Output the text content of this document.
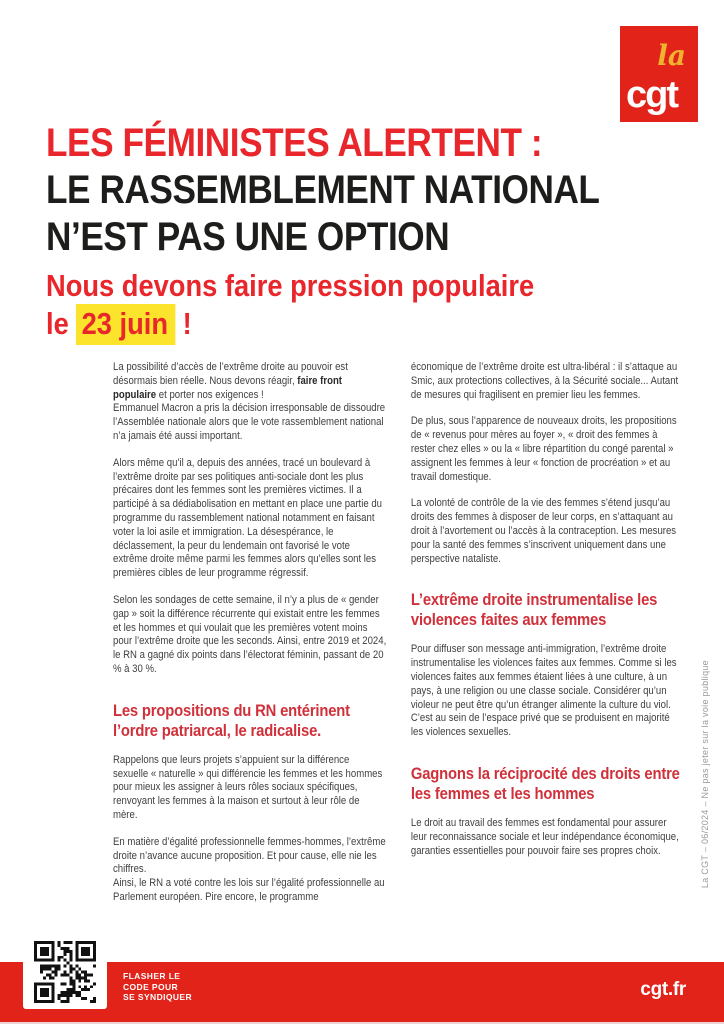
la
cgt
LES FÉMINISTES ALERTENT :
LE RASSEMBLEMENT NATIONAL
N’EST PAS UNE OPTION
Nous devons faire pression populaire
le 23 juin !

La possibilité d’accès de l’extrême droite au pouvoir est désormais bien réelle. Nous devons réagir, faire front populaire et porter nos exigences !
Emmanuel Macron a pris la décision irresponsable de dissoudre l’Assemblée nationale alors que le vote rassemblement national n’a jamais été aussi important.

Alors même qu’il a, depuis des années, tracé un boulevard à l’extrême droite par ses politiques anti-sociale dont les plus précaires dont les femmes sont les premières victimes. Il a participé à sa dédiabolisation en mettant en place une partie du programme du rassemblement national notamment en faisant voter la loi asile et immigration. La désespérance, le déclassement, la peur du lendemain ont favorisé le vote extrême droite même parmi les femmes alors qu’elles sont les premières cibles de leur programme régressif.

Selon les sondages de cette semaine, il n’y a plus de « gender gap » soit la différence récurrente qui existait entre les femmes et les hommes et qui voulait que les premières votent moins pour l’extrême droite que les seconds. Ainsi, entre 2019 et 2024, le RN a gagné dix points dans l’électorat féminin, passant de 20 % à 30 %.

Les propositions du RN entérinent l’ordre patriarcal, le radicalise.

Rappelons que leurs projets s’appuient sur la différence sexuelle « naturelle » qui différencie les femmes et les hommes pour mieux les assigner à leurs rôles sociaux spécifiques, renvoyant les femmes à la maison et surtout à leur rôle de mère.

En matière d’égalité professionnelle femmes-hommes, l’extrême droite n’avance aucune proposition. Et pour cause, elle nie les chiffres.
Ainsi, le RN a voté contre les lois sur l’égalité professionnelle au Parlement européen. Pire encore, le programme

économique de l’extrême droite est ultra-libéral : il s’attaque au Smic, aux protections collectives, à la Sécurité sociale... Autant de mesures qui fragilisent en premier lieu les femmes.

De plus, sous l’apparence de nouveaux droits, les propositions de « revenus pour mères au foyer », « droit des femmes à rester chez elles » ou la « libre répartition du congé parental » assignent les femmes à leur « fonction de procréation » et au travail domestique.

La volonté de contrôle de la vie des femmes s’étend jusqu’au droits des femmes à disposer de leur corps, en s’attaquant au droit à l’avortement ou l’accès à la contraception. Les mesures pour la santé des femmes s’inscrivent uniquement dans une perspective nataliste.

L’extrême droite instrumentalise les violences faites aux femmes

Pour diffuser son message anti-immigration, l’extrême droite instrumentalise les violences faites aux femmes. Comme si les violences faites aux femmes étaient liées à une culture, à un pays, à une religion ou une classe sociale. Considérer qu’un violeur ne peut être qu’un étranger alimente la culture du viol. C’est au sein de l’espace privé que se produisent en majorité les violences sexuelles.

Gagnons la réciprocité des droits entre les femmes et les hommes

Le droit au travail des femmes est fondamental pour assurer leur reconnaissance sociale et leur indépendance économique, garanties essentielles pour pouvoir faire ses propres choix.	La CGT – 06/2024 – Ne pas jeter sur la voie publique
FLASHER LE
CODE POUR
SE SYNDIQUER	cgt.fr
